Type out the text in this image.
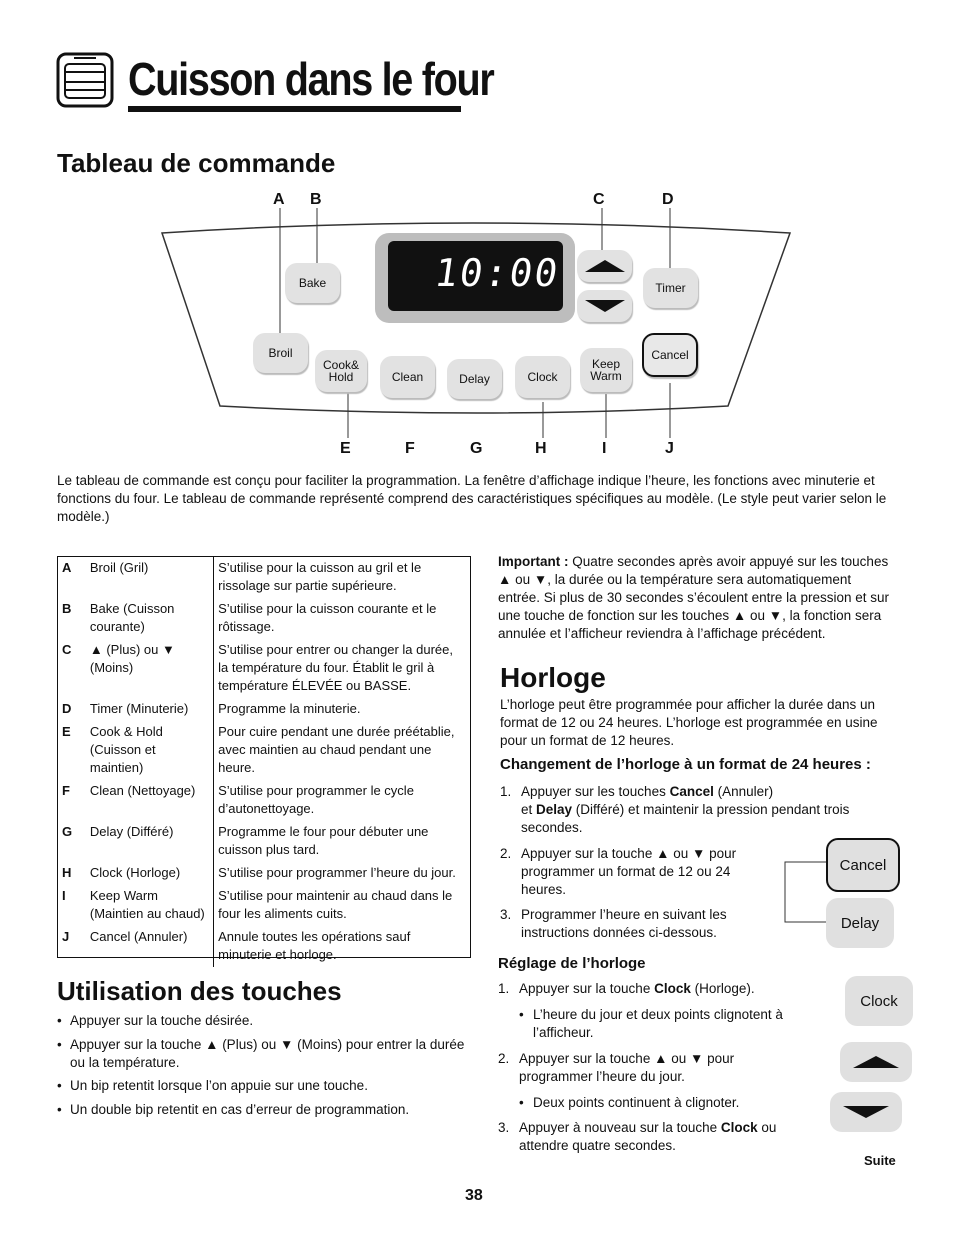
Cuisson dans le four
Tableau de commande
10:00
Bake	Timer
Broil
Cook&
Hold	Clean	Delay	Clock
Keep
Warm
Cancel
A B	C	D
E	F	G	H	I	J
Le tableau de commande est conçu pour faciliter la programmation. La fenêtre d’affichage indique l’heure, les fonctions avec minuterie et fonctions du four. Le tableau de commande représenté comprend des caractéristiques spécifiques au modèle. (Le style peut varier selon le modèle.)
A	Broil (Gril)	S’utilise pour la cuisson au gril et le rissolage sur partie supérieure.
B	Bake (Cuisson courante)	S’utilise pour la cuisson courante et le rôtissage.
C	▲ (Plus) ou ▼ (Moins)	S’utilise pour entrer ou changer la durée, la température du four. Établit le gril à température ÉLEVÉE ou BASSE.
D	Timer (Minuterie)	Programme la minuterie.
E	Cook & Hold (Cuisson et maintien)	Pour cuire pendant une durée préétablie, avec maintien au chaud pendant une heure.
F	Clean (Nettoyage)	S’utilise pour programmer le cycle d’autonettoyage.
G	Delay (Différé)	Programme le four pour débuter une cuisson plus tard.
H	Clock (Horloge)	S’utilise pour programmer l’heure du jour.
I	Keep Warm (Maintien au chaud)	S’utilise pour maintenir au chaud dans le four les aliments cuits.
J	Cancel (Annuler)	Annule toutes les opérations sauf minuterie et horloge.
Utilisation des touches
• Appuyer sur la touche désirée.
• Appuyer sur la touche ▲ (Plus) ou ▼ (Moins) pour entrer la durée ou la température.
• Un bip retentit lorsque l’on appuie sur une touche.
• Un double bip retentit en cas d’erreur de programmation.
Important : Quatre secondes après avoir appuyé sur les touches ▲ ou ▼, la durée ou la température sera automatiquement entrée. Si plus de 30 secondes s’écoulent entre la pression et sur une touche de fonction sur les touches ▲ ou ▼, la fonction sera annulée et l’afficheur reviendra à l’affichage précédent.
Horloge
L’horloge peut être programmée pour afficher la durée dans un format de 12 ou 24 heures. L’horloge est programmée en usine pour un format de 12 heures.
Changement de l’horloge à un format de 24 heures :
1. Appuyer sur les touches Cancel (Annuler)
et Delay (Différé) et maintenir la pression pendant trois secondes.
2. Appuyer sur la touche ▲ ou ▼ pour programmer un format de 12 ou 24 heures.
3. Programmer l’heure en suivant les instructions données ci-dessous.
Cancel
Delay
Réglage de l’horloge
1. Appuyer sur la touche Clock (Horloge).
• L’heure du jour et deux points clignotent à l’afficheur.
2. Appuyer sur la touche ▲ ou ▼ pour programmer l’heure du jour.
• Deux points continuent à clignoter.
3. Appuyer à nouveau sur la touche Clock ou attendre quatre secondes.
Clock
Suite
38
